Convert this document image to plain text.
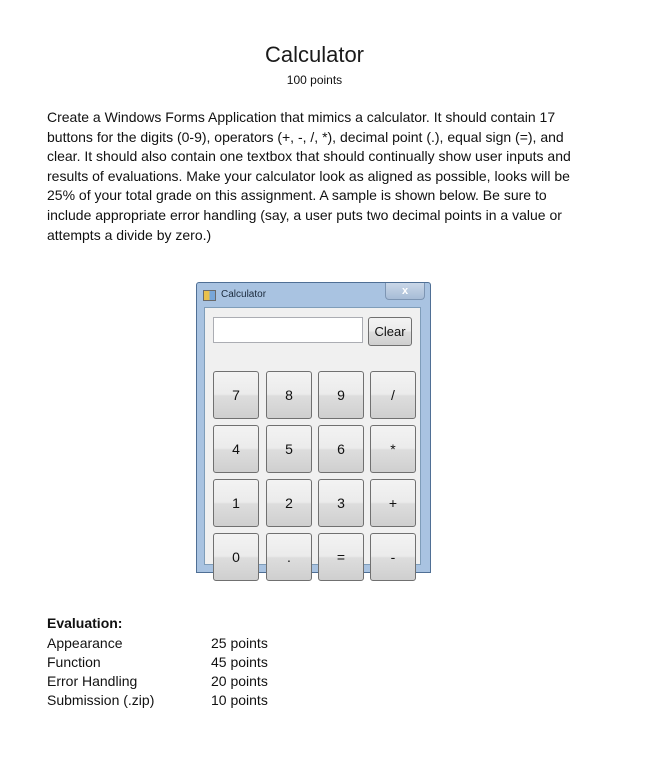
Calculator
100 points

Create a Windows Forms Application that mimics a calculator. It should contain 17 buttons for the digits (0-9), operators (+, -, /, *), decimal point (.), equal sign (=), and clear. It should also contain one textbox that should continually show user inputs and results of evaluations. Make your calculator look as aligned as possible, looks will be 25% of your total grade on this assignment. A sample is shown below. Be sure to include appropriate error handling (say, a user puts two decimal points in a value or attempts a divide by zero.)

Calculator	x
Clear
7	8	9	/
4	5	6	*
1	2	3	+
0	.	=	-
Evaluation:
Appearance	25 points
Function	45 points
Error Handling	20 points
Submission (.zip)	10 points
